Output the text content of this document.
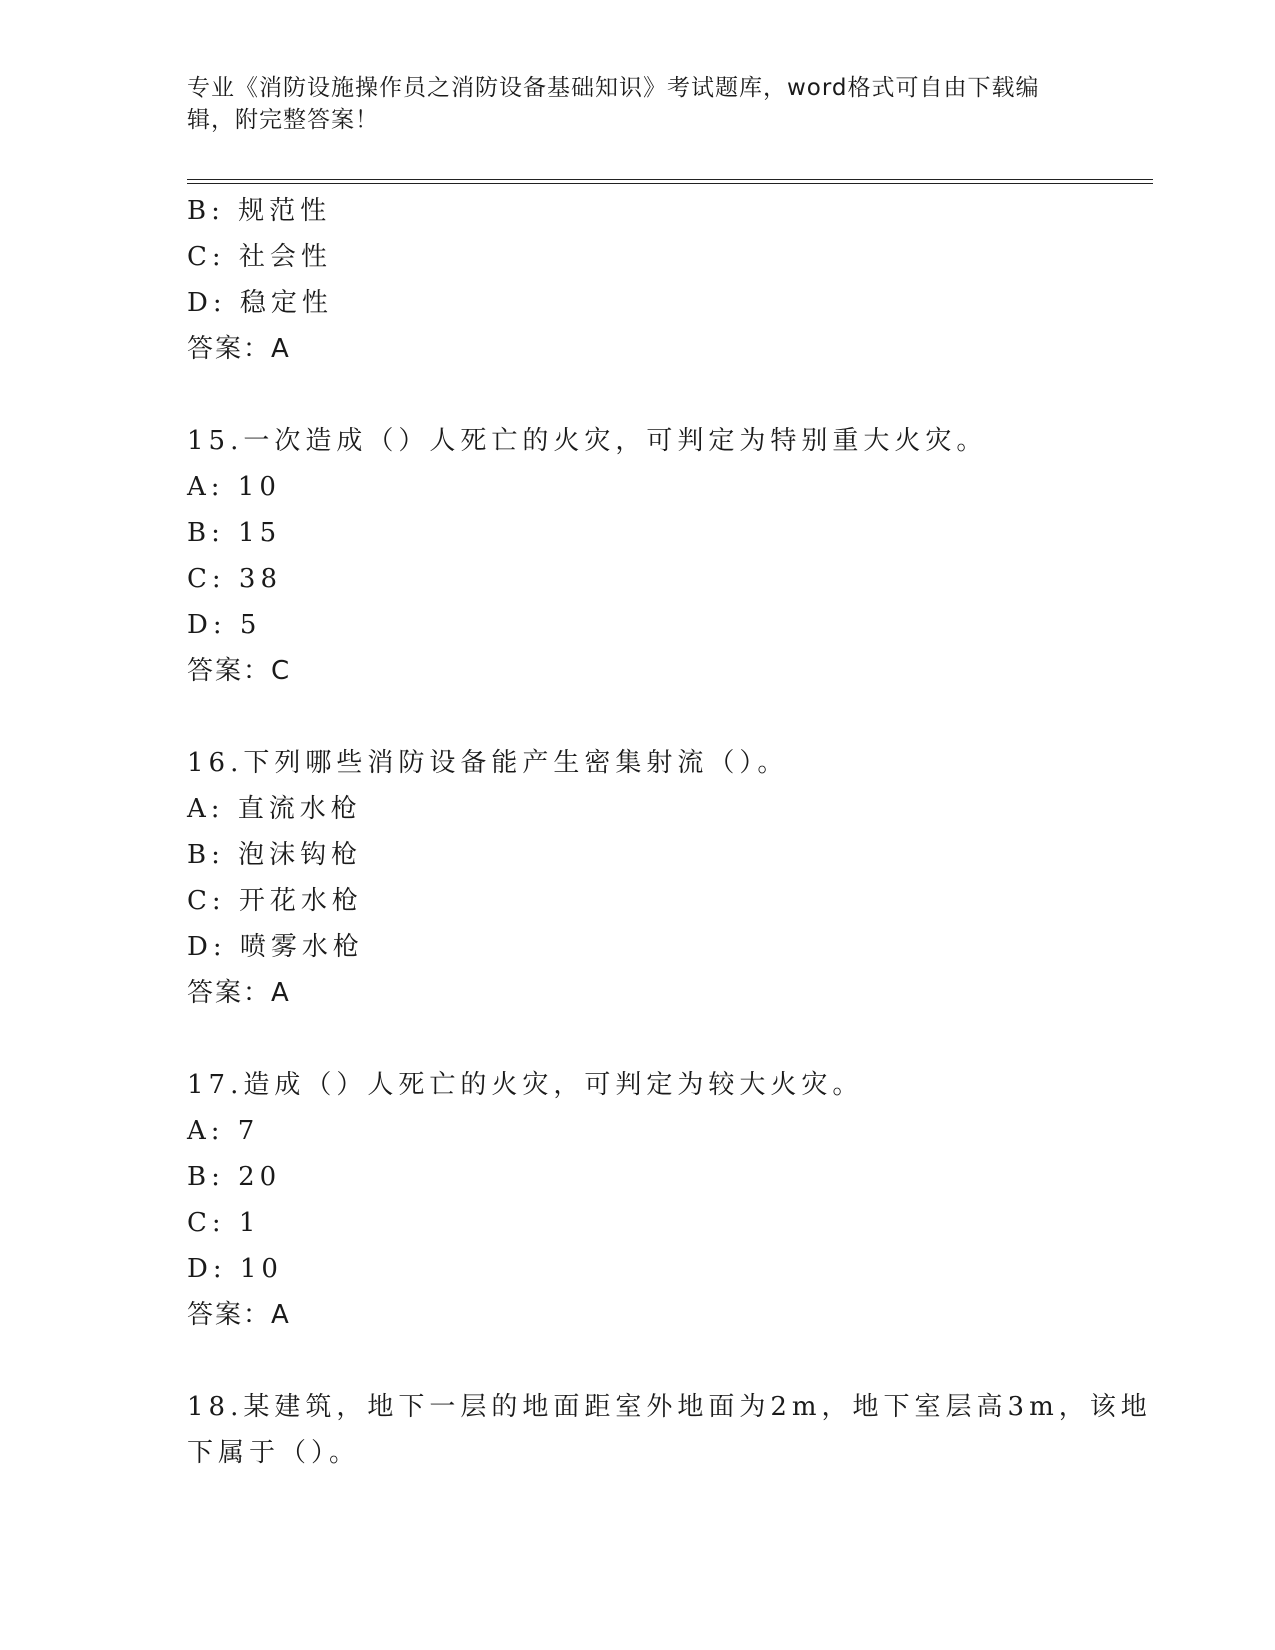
专业《消防设施操作员之消防设备基础知识》考试题库，word格式可自由下载编
辑，附完整答案！
B: 规范性
C: 社会性
D: 稳定性
答案：A
15.一次造成（）人死亡的火灾，可判定为特别重大火灾。
A: 10
B: 15
C: 38
D: 5
答案：C
16.下列哪些消防设备能产生密集射流（）。
A: 直流水枪
B: 泡沫钩枪
C: 开花水枪
D: 喷雾水枪
答案：A
17.造成（）人死亡的火灾，可判定为较大火灾。
A: 7
B: 20
C: 1
D: 10
答案：A
18.某建筑，地下一层的地面距室外地面为2m，地下室层高3m，该地
下属于（）。
